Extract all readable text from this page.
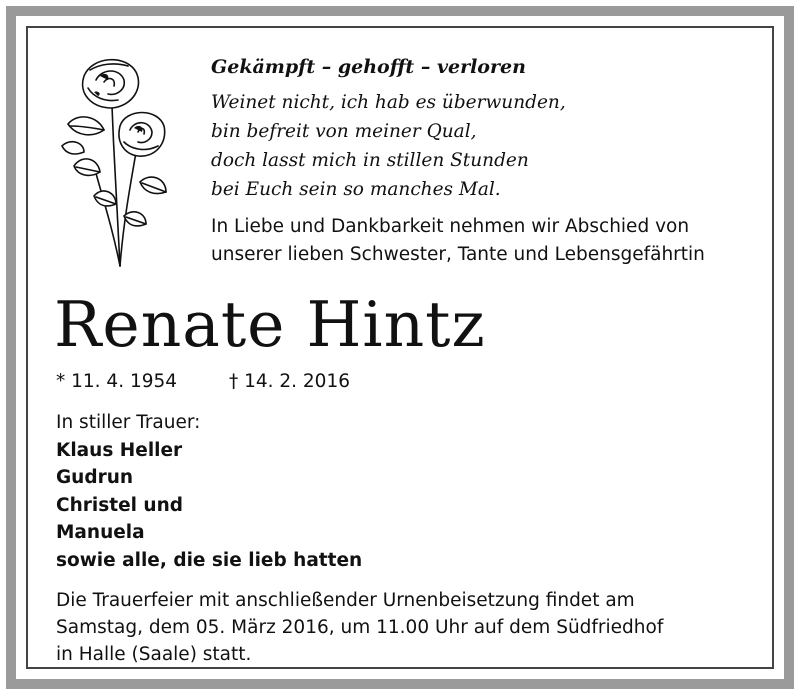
Gekämpft – gehofft – verloren
Weinet nicht, ich hab es überwunden,
bin befreit von meiner Qual,
doch lasst mich in stillen Stunden
bei Euch sein so manches Mal.
In Liebe und Dankbarkeit nehmen wir Abschied von
unserer lieben Schwester, Tante und Lebensgefährtin
Renate Hintz
* 11. 4. 1954	† 14. 2. 2016
In stiller Trauer:
Klaus Heller
Gudrun
Christel und
Manuela
sowie alle, die sie lieb hatten
Die Trauerfeier mit anschließender Urnenbeisetzung findet am
Samstag, dem 05. März 2016, um 11.00 Uhr auf dem Südfriedhof
in Halle (Saale) statt.
